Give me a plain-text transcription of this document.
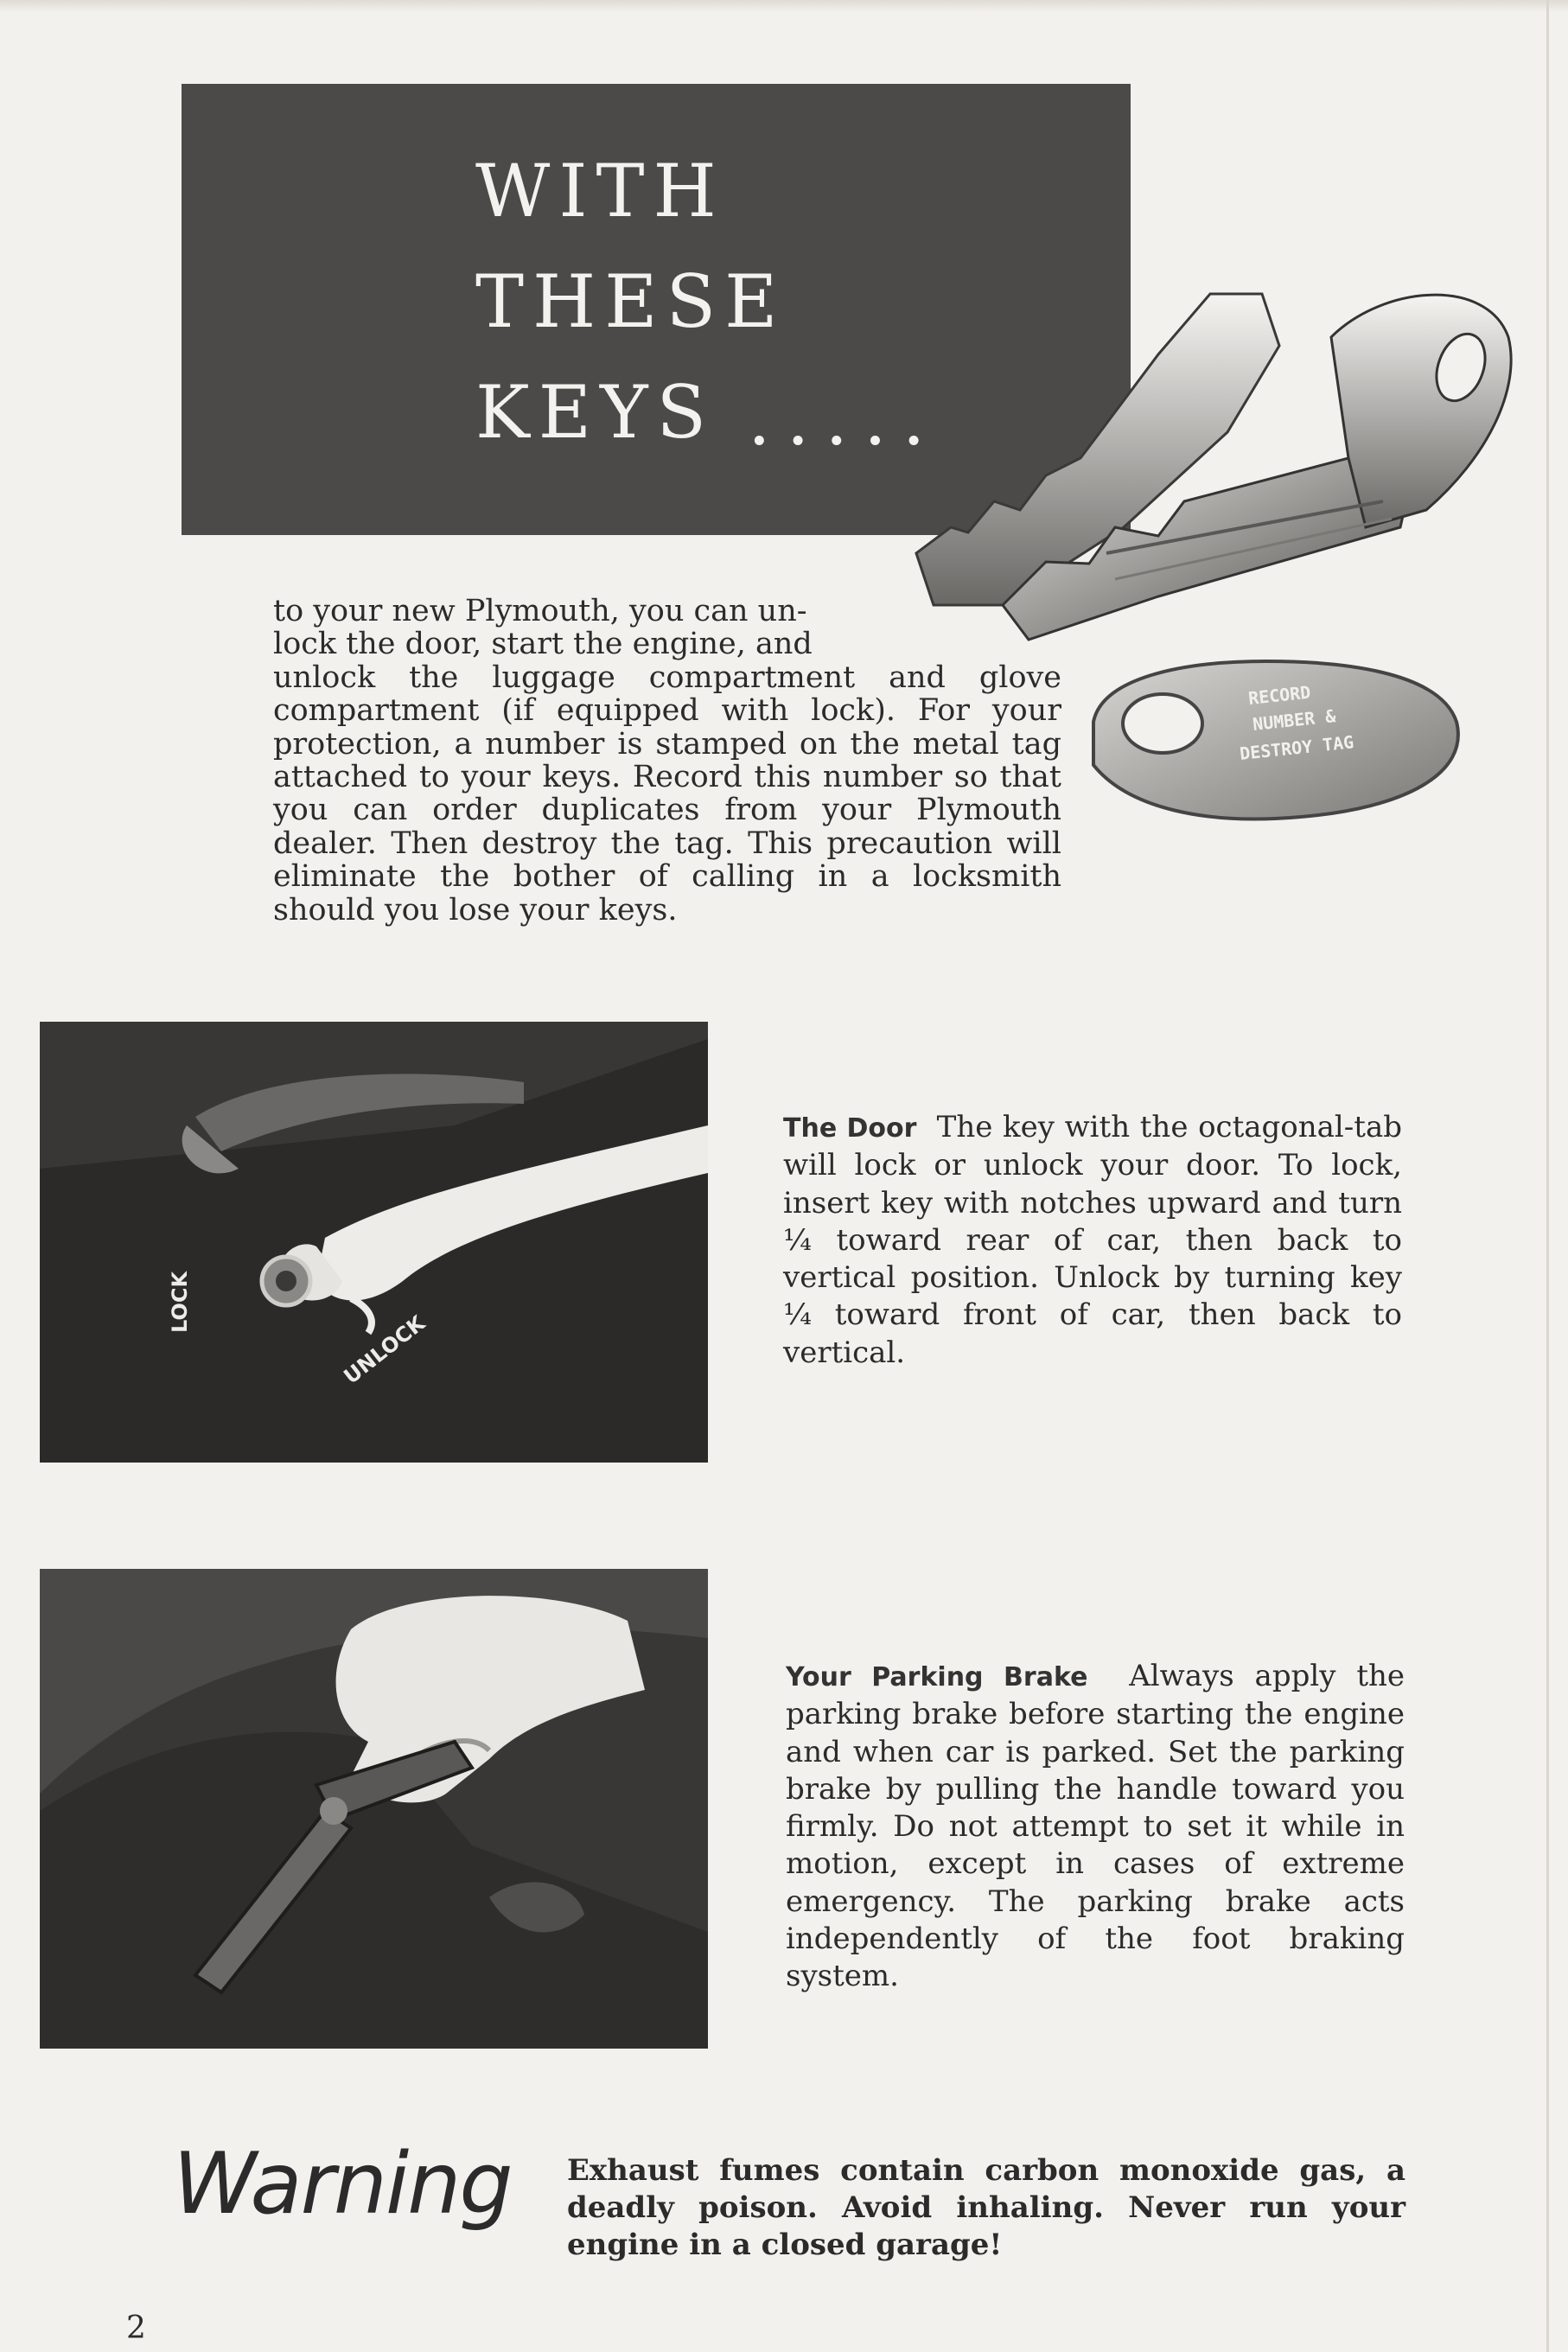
WITH
THESE
KEYS .....
RECORD
NUMBER &
DESTROY TAG
to your new Plymouth, you can un-
lock the door, start the engine, and
unlock the luggage compartment and glove compartment (if equipped with lock). For your protection, a number is stamped on the metal tag attached to your keys. Record this number so that you can order duplicates from your Plymouth dealer. Then destroy the tag. This precaution will eliminate the bother of calling in a locksmith should you lose your keys.
LOCK
UNLOCK
The Door The key with the octagonal-tab will lock or unlock your door. To lock, insert key with notches upward and turn ¼ toward rear of car, then back to vertical position. Unlock by turning key ¼ toward front of car, then back to vertical.
Your Parking Brake Always apply the parking brake before starting the engine and when car is parked. Set the parking brake by pulling the handle toward you firmly. Do not attempt to set it while in motion, except in cases of extreme emergency. The parking brake acts independently of the foot braking system.
Warning Exhaust fumes contain carbon monoxide gas, a deadly poison. Avoid inhaling. Never run your engine in a closed garage!
2
